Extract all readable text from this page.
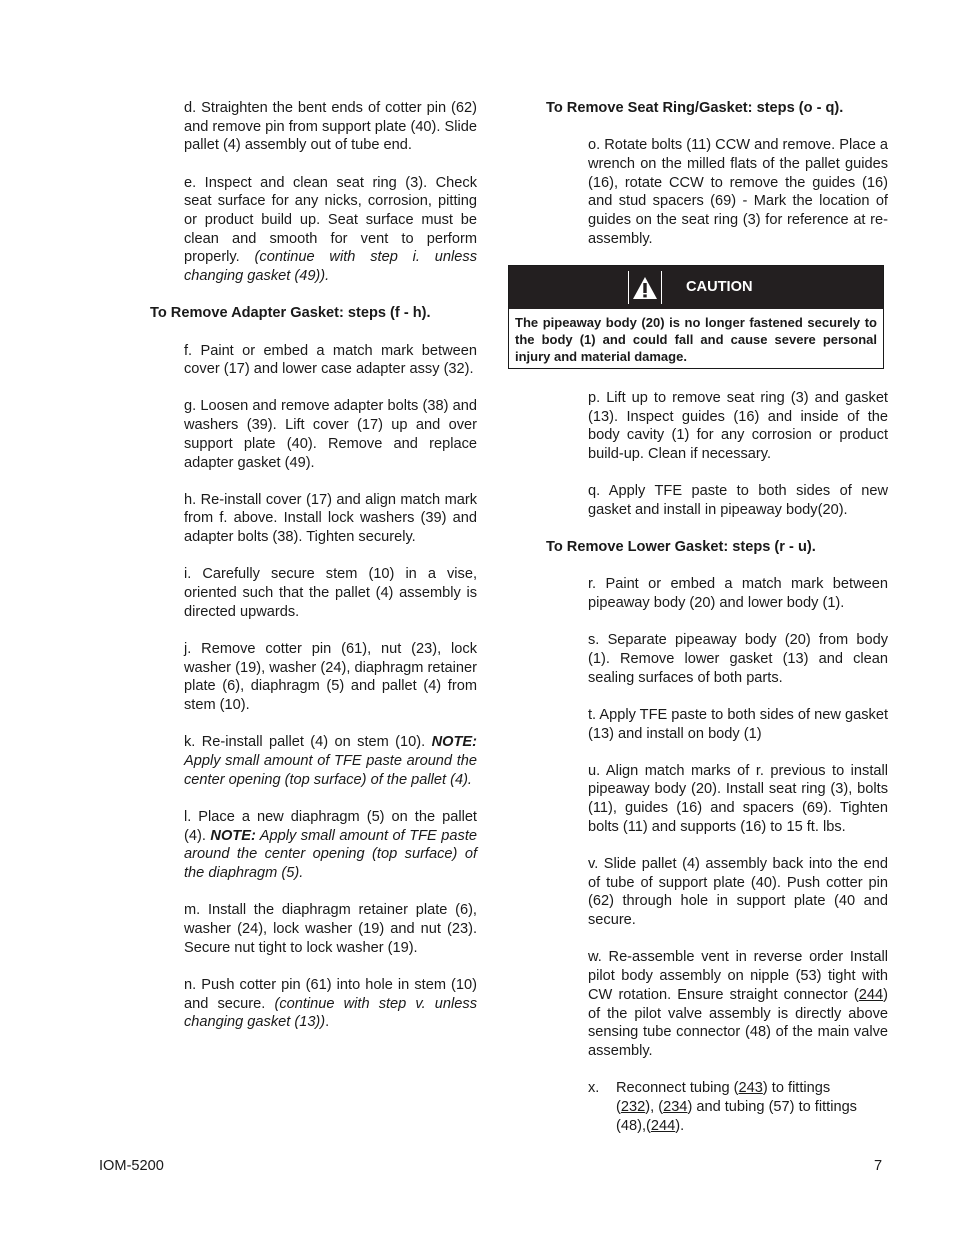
d. Straighten the bent ends of cotter pin (62) and remove pin from support plate (40). Slide pallet (4) assembly out of tube end.
e. Inspect and clean seat ring (3). Check seat surface for any nicks, corrosion, pitting or product build up. Seat surface must be clean and smooth for vent to perform properly. (continue with step i. unless changing gasket (49)).
To Remove Adapter Gasket: steps (f - h).
f. Paint or embed a match mark between cover (17) and lower case adapter assy (32).
g. Loosen and remove adapter bolts (38) and washers (39). Lift cover (17) up and over support plate (40). Remove and replace adapter gasket (49).
h. Re-install cover (17) and align match mark from f. above. Install lock washers (39) and adapter bolts (38). Tighten securely.
i. Carefully secure stem (10) in a vise, oriented such that the pallet (4) assembly is directed upwards.
j. Remove cotter pin (61), nut (23), lock washer (19), washer (24), diaphragm retainer plate (6), diaphragm (5) and pallet (4) from stem (10).
k. Re-install pallet (4) on stem (10). NOTE: Apply small amount of TFE paste around the center opening (top surface) of the pallet (4).
l. Place a new diaphragm (5) on the pallet (4). NOTE: Apply small amount of TFE paste around the center opening (top surface) of the diaphragm (5).
m. Install the diaphragm retainer plate (6), washer (24), lock washer (19) and nut (23). Secure nut tight to lock washer (19).
n. Push cotter pin (61) into hole in stem (10) and secure. (continue with step v. unless changing gasket (13)).
To Remove Seat Ring/Gasket: steps (o - q).
o. Rotate bolts (11) CCW and remove. Place a wrench on the milled flats of the pallet guides (16), rotate CCW to remove the guides (16) and stud spacers (69) - Mark the location of guides on the seat ring (3) for reference at re-assembly.
CAUTION
The pipeaway body (20) is no longer fastened securely to the body (1) and could fall and cause severe personal injury and material damage.
p. Lift up to remove seat ring (3) and gasket (13). Inspect guides (16) and inside of the body cavity (1) for any corrosion or product build-up. Clean if necessary.
q. Apply TFE paste to both sides of new gasket and install in pipeaway body(20).
To Remove Lower Gasket: steps (r - u).
r. Paint or embed a match mark between pipeaway body (20) and lower body (1).
s. Separate pipeaway body (20) from body (1). Remove lower gasket (13) and clean sealing surfaces of both parts.
t. Apply TFE paste to both sides of new gasket (13) and install on body (1)
u. Align match marks of r. previous to install pipeaway body (20). Install seat ring (3), bolts (11), guides (16) and spacers (69). Tighten bolts (11) and supports (16) to 15 ft. lbs.
v. Slide pallet (4) assembly back into the end of tube of support plate (40). Push cotter pin (62) through hole in support plate (40 and secure.
w. Re-assemble vent in reverse order Install pilot body assembly on nipple (53) tight with CW rotation. Ensure straight connector (244) of the pilot valve assembly is directly above sensing tube connector (48) of the main valve assembly.
x. Reconnect tubing (243) to fittings
(232), (234) and tubing (57) to fittings
(48),(244).
IOM-5200	7
